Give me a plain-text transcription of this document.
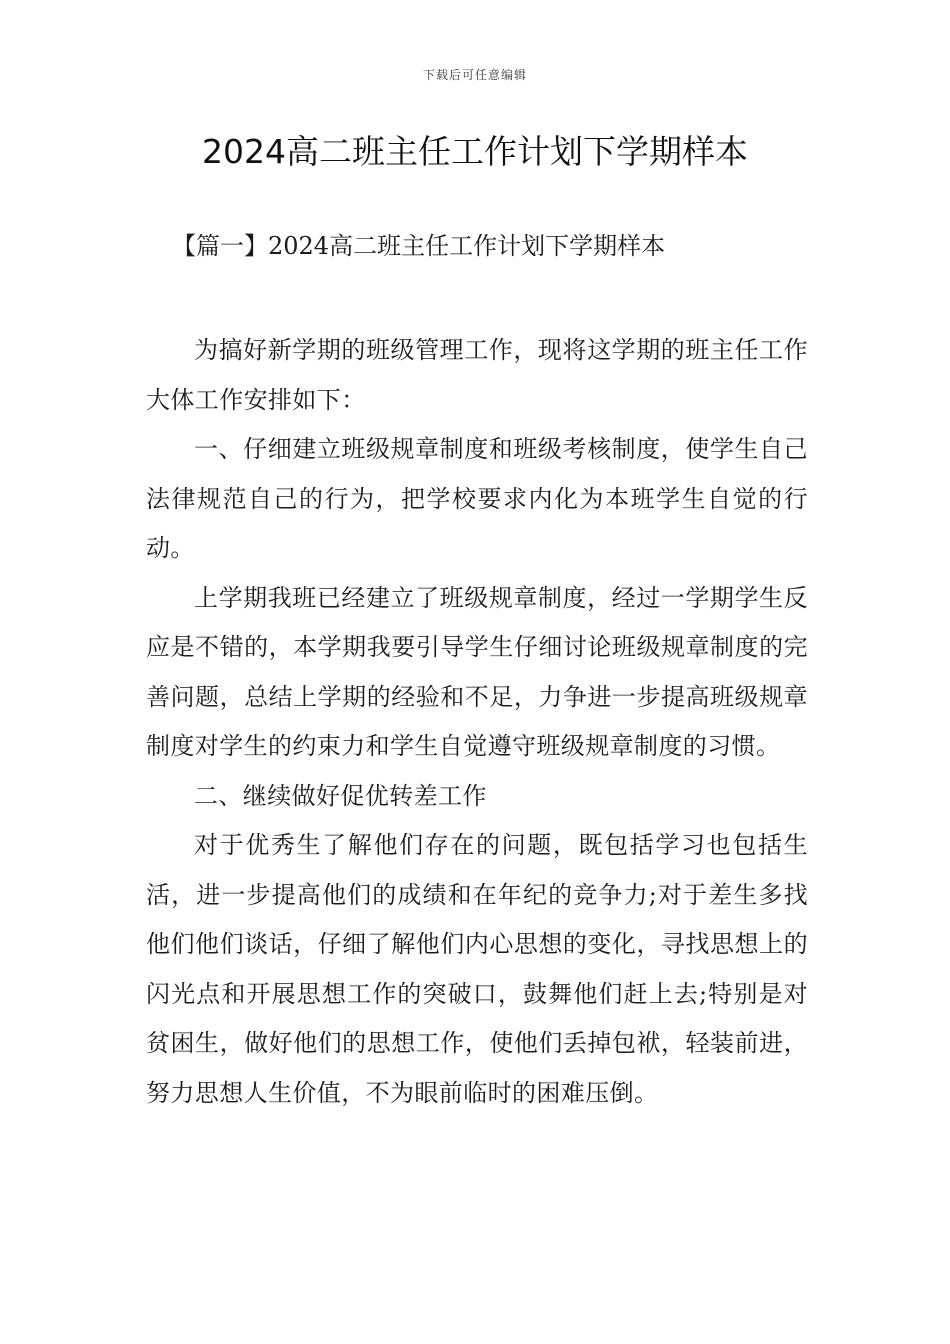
下载后可任意编辑
2024高二班主任工作计划下学期样本
【篇一】2024高二班主任工作计划下学期样本

为搞好新学期的班级管理工作，现将这学期的班主任工作大体工作安排如下：

一、仔细建立班级规章制度和班级考核制度，使学生自己法律规范自己的行为，把学校要求内化为本班学生自觉的行动。

上学期我班已经建立了班级规章制度，经过一学期学生反应是不错的，本学期我要引导学生仔细讨论班级规章制度的完善问题，总结上学期的经验和不足，力争进一步提高班级规章制度对学生的约束力和学生自觉遵守班级规章制度的习惯。

二、继续做好促优转差工作

对于优秀生了解他们存在的问题，既包括学习也包括生活，进一步提高他们的成绩和在年纪的竞争力;对于差生多找他们他们谈话，仔细了解他们内心思想的变化，寻找思想上的闪光点和开展思想工作的突破口，鼓舞他们赶上去;特别是对贫困生，做好他们的思想工作，使他们丢掉包袱，轻装前进，努力思想人生价值，不为眼前临时的困难压倒。
